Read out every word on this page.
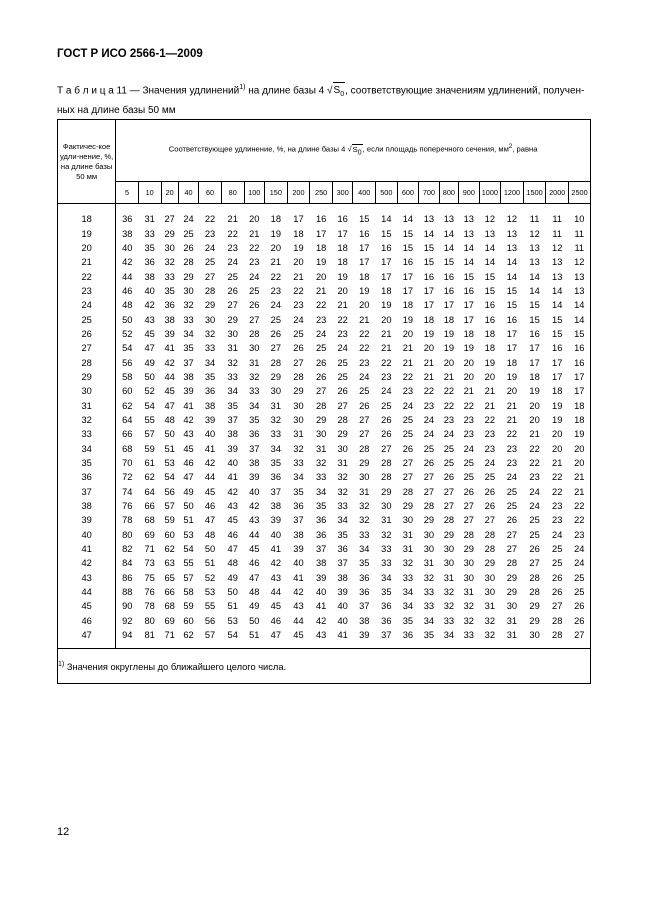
ГОСТ Р ИСО 2566-1—2009
Т а б л и ц а 11 — Значения удлинений$^{1)}$ на длине базы 4 $√S_0$, соответствующие значениям удлинений, получен-ных на длине базы 50 мм
Фактичес-кое удли-нение, %, на длине базы 50 мм	Соответствующее удлинение, %, на длине базы 4 $√S_0$, если площадь поперечного сечения, $мм^2$, равна																					
	5	10	20	40	60	80	100	150	200	250	300	400	500	600	700	800	900	1000	1200	1500	2000	2500

18	36	31	27	24	22	21	20	18	17	16	16	15	14	14	13	13	13	12	12	11	11	10
19	38	33	29	25	23	22	21	19	18	17	17	16	15	15	14	14	13	13	13	12	11	11
20	40	35	30	26	24	23	22	20	19	18	18	17	16	15	15	14	14	14	13	13	12	11
21	42	36	32	28	25	24	23	21	20	19	18	17	17	16	15	15	14	14	14	13	13	12
22	44	38	33	29	27	25	24	22	21	20	19	18	17	17	16	16	15	15	14	14	13	13
23	46	40	35	30	28	26	25	23	22	21	20	19	18	17	17	16	16	15	15	14	14	13
24	48	42	36	32	29	27	26	24	23	22	21	20	19	18	17	17	17	16	15	15	14	14
25	50	43	38	33	30	29	27	25	24	23	22	21	20	19	18	18	17	16	16	15	15	14
26	52	45	39	34	32	30	28	26	25	24	23	22	21	20	19	19	18	18	17	16	15	15
27	54	47	41	35	33	31	30	27	26	25	24	22	21	21	20	19	19	18	17	17	16	16
28	56	49	42	37	34	32	31	28	27	26	25	23	22	21	21	20	20	19	18	17	17	16
29	58	50	44	38	35	33	32	29	28	26	25	24	23	22	21	21	20	20	19	18	17	17
30	60	52	45	39	36	34	33	30	29	27	26	25	24	23	22	22	21	21	20	19	18	17
31	62	54	47	41	38	35	34	31	30	28	27	26	25	24	23	22	22	21	21	20	19	18
32	64	55	48	42	39	37	35	32	30	29	28	27	26	25	24	23	23	22	21	20	19	18
33	66	57	50	43	40	38	36	33	31	30	29	27	26	25	24	24	23	23	22	21	20	19
34	68	59	51	45	41	39	37	34	32	31	30	28	27	26	25	25	24	23	23	22	20	20
35	70	61	53	46	42	40	38	35	33	32	31	29	28	27	26	25	25	24	23	22	21	20
36	72	62	54	47	44	41	39	36	34	33	32	30	28	27	27	26	25	25	24	23	22	21
37	74	64	56	49	45	42	40	37	35	34	32	31	29	28	27	27	26	26	25	24	22	21
38	76	66	57	50	46	43	42	38	36	35	33	32	30	29	28	27	27	26	25	24	23	22
39	78	68	59	51	47	45	43	39	37	36	34	32	31	30	29	28	27	27	26	25	23	22
40	80	69	60	53	48	46	44	40	38	36	35	33	32	31	30	29	28	28	27	25	24	23
41	82	71	62	54	50	47	45	41	39	37	36	34	33	31	30	30	29	28	27	26	25	24
42	84	73	63	55	51	48	46	42	40	38	37	35	33	32	31	30	30	29	28	27	25	24
43	86	75	65	57	52	49	47	43	41	39	38	36	34	33	32	31	30	30	29	28	26	25
44	88	76	66	58	53	50	48	44	42	40	39	36	35	34	33	32	31	30	29	28	26	25
45	90	78	68	59	55	51	49	45	43	41	40	37	36	34	33	32	32	31	30	29	27	26
46	92	80	69	60	56	53	50	46	44	42	40	38	36	35	34	33	32	32	31	29	28	26
47	94	81	71	62	57	54	51	47	45	43	41	39	37	36	35	34	33	32	31	30	28	27

$^{1)}$ Значения округлены до ближайшего целого числа.																						
12
